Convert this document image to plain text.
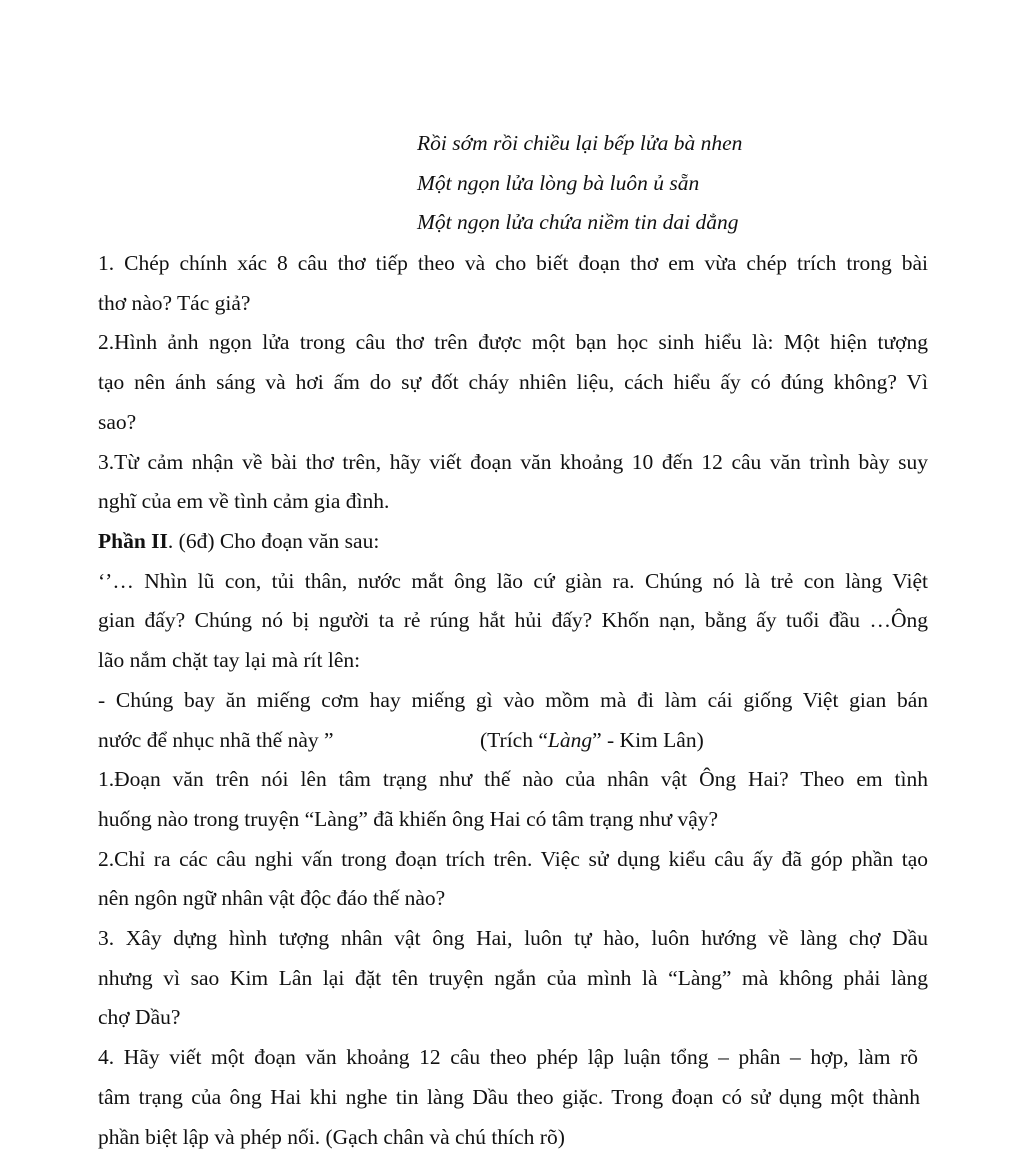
Rồi sớm rồi chiều lại bếp lửa bà nhen
Một ngọn lửa lòng bà luôn ủ sẵn
Một ngọn lửa chứa niềm tin dai dẳng
1. Chép chính xác 8 câu thơ tiếp theo và cho biết đoạn thơ em vừa chép trích trong bài
thơ nào? Tác giả?
2.Hình ảnh ngọn lửa trong câu thơ trên được một bạn học sinh hiểu là: Một hiện tượng
tạo nên ánh sáng và hơi ấm do sự đốt cháy nhiên liệu, cách hiểu ấy có đúng không? Vì
sao?
3.Từ cảm nhận về bài thơ trên, hãy viết đoạn văn khoảng 10 đến 12 câu văn trình bày suy
nghĩ của em về tình cảm gia đình.
Phần II. (6đ) Cho đoạn văn sau:
‘’… Nhìn lũ con, tủi thân, nước mắt ông lão cứ giàn ra. Chúng nó là trẻ con làng Việt
gian đấy? Chúng nó bị người ta rẻ rúng hắt hủi đấy? Khốn nạn, bằng ấy tuổi đầu …Ông
lão nắm chặt tay lại mà rít lên:
- Chúng bay ăn miếng cơm hay miếng gì vào mồm mà đi làm cái giống Việt gian bán
nước để nhục nhã thế này ”	(Trích “Làng” - Kim Lân)
1.Đoạn văn trên nói lên tâm trạng như thế nào của nhân vật Ông Hai? Theo em tình
huống nào trong truyện “Làng” đã khiến ông Hai có tâm trạng như vậy?
2.Chỉ ra các câu nghi vấn trong đoạn trích trên. Việc sử dụng kiểu câu ấy đã góp phần tạo
nên ngôn ngữ nhân vật độc đáo thế nào?
3. Xây dựng hình tượng nhân vật ông Hai, luôn tự hào, luôn hướng về làng chợ Dầu
nhưng vì sao Kim Lân lại đặt tên truyện ngắn của mình là “Làng” mà không phải làng
chợ Dầu?
4. Hãy viết một đoạn văn khoảng 12 câu theo phép lập luận tổng – phân – hợp, làm rõ
tâm trạng của ông Hai khi nghe tin làng Dầu theo giặc. Trong đoạn có sử dụng một thành
phần biệt lập và phép nối. (Gạch chân và chú thích rõ)
